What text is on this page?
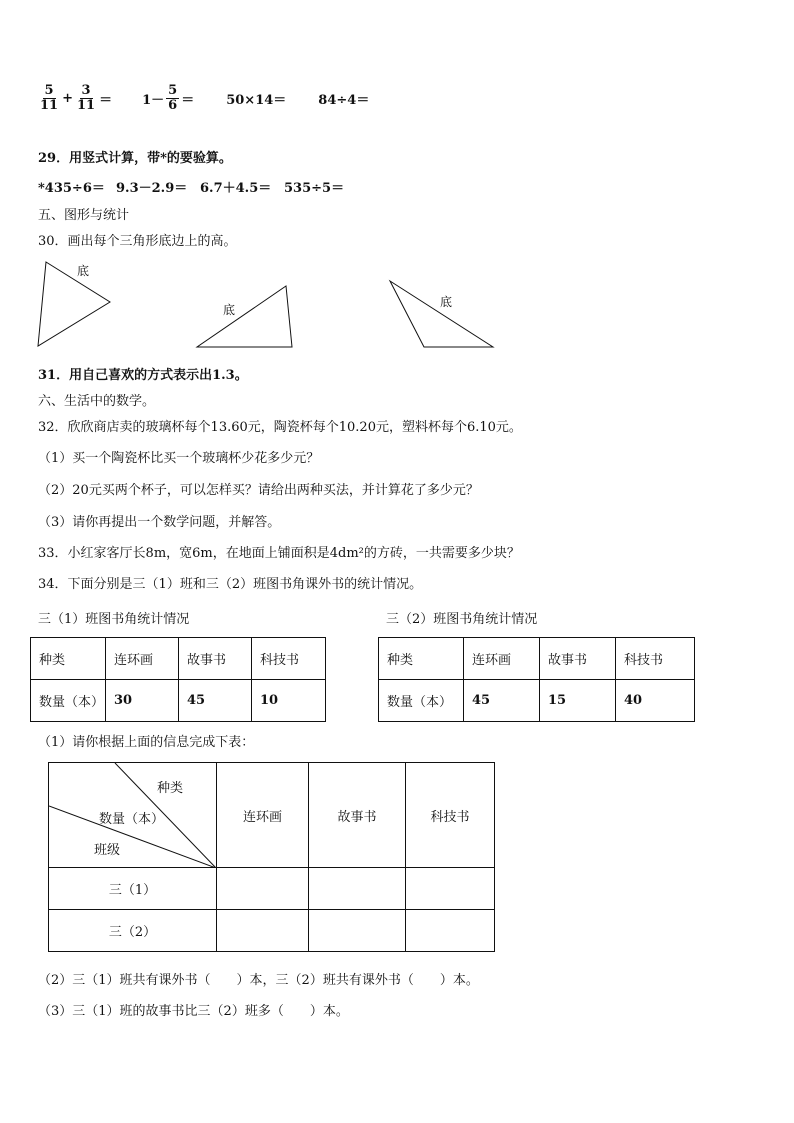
$\frac{5}{11} + \frac{3}{11} = 1- \frac{5}{6} = 50\times 14= 84\div 4=$
29．用竖式计算，带*的要验算。
*435÷6＝ 9.3－2.9＝ 6.7＋4.5＝ 535÷5＝
五、图形与统计
30．画出每个三角形底边上的高。
底
底
底
31．用自己喜欢的方式表示出1.3。
六、生活中的数学。
32．欣欣商店卖的玻璃杯每个13.60元，陶瓷杯每个10.20元，塑料杯每个6.10元。
（1）买一个陶瓷杯比买一个玻璃杯少花多少元？
（2）20元买两个杯子，可以怎样买？请给出两种买法，并计算花了多少元？
（3）请你再提出一个数学问题，并解答。
33．小红家客厅长8m，宽6m，在地面上铺面积是4dm²的方砖，一共需要多少块？
34．下面分别是三（1）班和三（2）班图书角课外书的统计情况。
三（1）班图书角统计情况	三（2）班图书角统计情况
种类	连环画	故事书	科技书
数量（本）	30	45	10
种类	连环画	故事书	科技书
数量（本）	45	15	40
（1）请你根据上面的信息完成下表：
种类
数量（本）
班级	连环画	故事书	科技书
三（1）			
三（2）			
（2）三（1）班共有课外书（　　）本，三（2）班共有课外书（　　）本。
（3）三（1）班的故事书比三（2）班多（　　）本。
